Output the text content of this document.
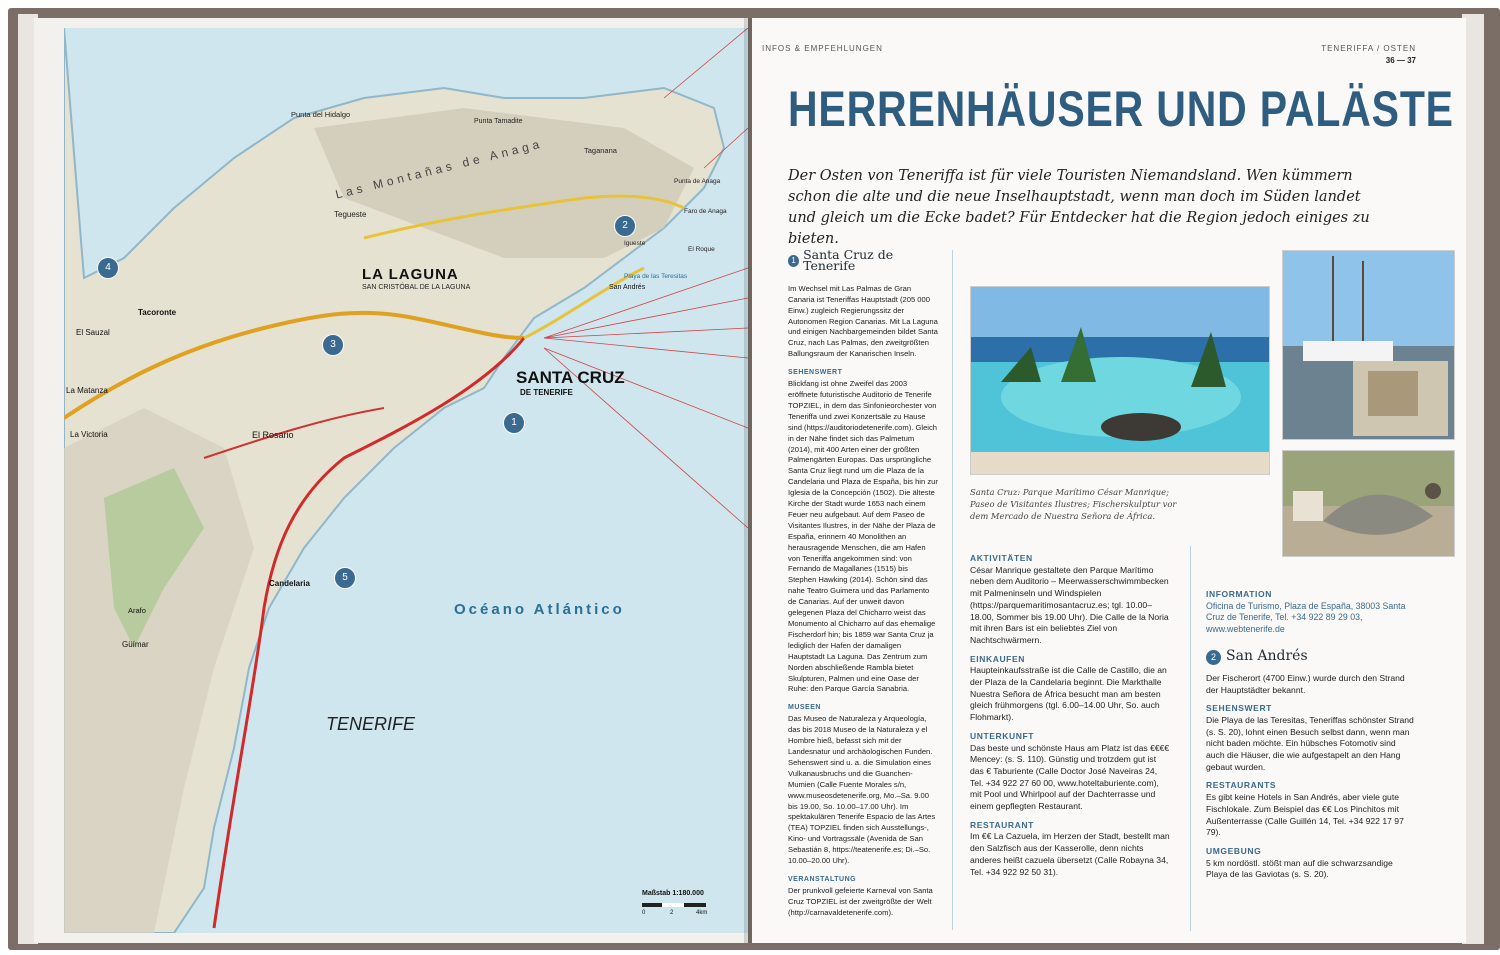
Océano Atlántico
TENERIFE
SANTA CRUZ
DE TENERIFE
LA LAGUNA
SAN CRISTÓBAL DE LA LAGUNA
Las Montañas de Anaga
Punta del Hidalgo
Taganana
Punta Tamadite
Tegueste
Tacoronte
El Sauzal
La Matanza
La Victoria	El Rosario
Candelaria
Güímar
Arafo
Playa de las Teresitas
San Andrés
Punta de Anaga
El Roque
Faro de Anaga
Igueste
1
2
3
4
5
Maßstab 1:180.000
0	2	4km
INFOS & EMPFEHLUNGEN	TENERIFFA / OSTEN
36 — 37
HERRENHÄUSER UND PALÄSTE
Der Osten von Teneriffa ist für viele Touristen Niemandsland. Wen kümmern schon die alte und die neue Inselhauptstadt, wenn man doch im Süden landet und gleich um die Ecke badet? Für Entdecker hat die Region jedoch einiges zu bieten.
1 Santa Cruz de Tenerife

Im Wechsel mit Las Palmas de Gran Canaria ist Teneriffas Hauptstadt (205 000 Einw.) zugleich Regierungssitz der Autonomen Region Canarias. Mit La Laguna und einigen Nachbargemeinden bildet Santa Cruz, nach Las Palmas, den zweitgrößten Ballungsraum der Kanarischen Inseln.

SEHENSWERT

Blickfang ist ohne Zweifel das 2003 eröffnete futuristische Auditorio de Tenerife TOPZIEL, in dem das Sinfonieorchester von Teneriffa und zwei Konzertsäle zu Hause sind (https://auditoriodetenerife.com). Gleich in der Nähe findet sich das Palmetum (2014), mit 400 Arten einer der größten Palmengärten Europas. Das ursprüngliche Santa Cruz liegt rund um die Plaza de la Candelaria und Plaza de España, bis hin zur Iglesia de la Concepción (1502). Die älteste Kirche der Stadt wurde 1653 nach einem Feuer neu aufgebaut. Auf dem Paseo de Visitantes Ilustres, in der Nähe der Plaza de España, erinnern 40 Monolithen an herausragende Menschen, die am Hafen von Teneriffa angekommen sind: von Fernando de Magallanes (1515) bis Stephen Hawking (2014). Schön sind das nahe Teatro Guimera und das Parlamento de Canarias. Auf der unweit davon gelegenen Plaza del Chicharro weist das Monumento al Chicharro auf das ehemalige Fischerdorf hin; bis 1859 war Santa Cruz ja lediglich der Hafen der damaligen Hauptstadt La Laguna. Das Zentrum zum Norden abschließende Rambla bietet Skulpturen, Palmen und eine Oase der Ruhe: den Parque García Sanabria.

MUSEEN

Das Museo de Naturaleza y Arqueología, das bis 2018 Museo de la Naturaleza y el Hombre hieß, befasst sich mit der Landesnatur und archäologischen Funden. Sehenswert sind u. a. die Simulation eines Vulkanausbruchs und die Guanchen-Mumien (Calle Fuente Morales s/n, www.museosdetenerife.org, Mo.–Sa. 9.00 bis 19.00, So. 10.00–17.00 Uhr). Im spektakulären Tenerife Espacio de las Artes (TEA) TOPZIEL finden sich Ausstellungs-, Kino- und Vortragssäle (Avenida de San Sebastián 8, https://teatenerife.es; Di.–So. 10.00–20.00 Uhr).

VERANSTALTUNG

Der prunkvoll gefeierte Karneval von Santa Cruz TOPZIEL ist der zweitgrößte der Welt (http://carnavaldetenerife.com).

Santa Cruz: Parque Marítimo César Manrique; Paseo de Visitantes Ilustres; Fischerskulptur vor dem Mercado de Nuestra Señora de África.
AKTIVITÄTEN

César Manrique gestaltete den Parque Marítimo neben dem Auditorio – Meerwasserschwimmbecken mit Palmeninseln und Windspielen (https://parquemaritimosantacruz.es; tgl. 10.00–18.00, Sommer bis 19.00 Uhr). Die Calle de la Noria mit ihren Bars ist ein beliebtes Ziel von Nachtschwärmern.

EINKAUFEN

Haupteinkaufsstraße ist die Calle de Castillo, die an der Plaza de la Candelaria beginnt. Die Markthalle Nuestra Señora de África besucht man am besten gleich frühmorgens (tgl. 6.00–14.00 Uhr, So. auch Flohmarkt).

UNTERKUNFT

Das beste und schönste Haus am Platz ist das €€€€ Mencey: (s. S. 110). Günstig und trotzdem gut ist das € Taburiente (Calle Doctor José Naveiras 24, Tel. +34 922 27 60 00, www.hoteltaburiente.com), mit Pool und Whirlpool auf der Dachterrasse und einem gepflegten Restaurant.

RESTAURANT

Im €€ La Cazuela, im Herzen der Stadt, bestellt man den Salzfisch aus der Kasserolle, denn nichts anderes heißt cazuela übersetzt (Calle Robayna 34, Tel. +34 922 92 50 31).

INFORMATION

Oficina de Turismo, Plaza de España, 38003 Santa Cruz de Tenerife, Tel. +34 922 89 29 03, www.webtenerife.de

2 San Andrés

Der Fischerort (4700 Einw.) wurde durch den Strand der Hauptstädter bekannt.

SEHENSWERT

Die Playa de las Teresitas, Teneriffas schönster Strand (s. S. 20), lohnt einen Besuch selbst dann, wenn man nicht baden möchte. Ein hübsches Fotomotiv sind auch die Häuser, die wie aufgestapelt an den Hang gebaut wurden.

RESTAURANTS

Es gibt keine Hotels in San Andrés, aber viele gute Fischlokale. Zum Beispiel das €€ Los Pinchitos mit Außenterrasse (Calle Guillén 14, Tel. +34 922 17 97 79).

UMGEBUNG

5 km nordöstl. stößt man auf die schwarzsandige Playa de las Gaviotas (s. S. 20).
